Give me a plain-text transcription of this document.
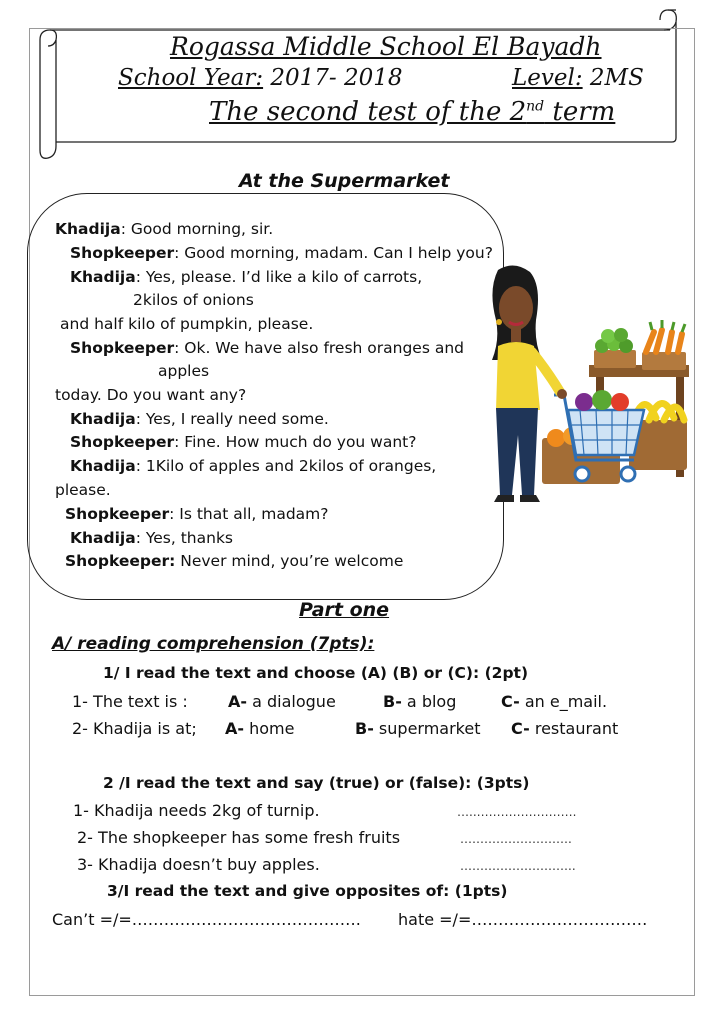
Rogassa Middle School El Bayadh
School Year: 2017- 2018	Level: 2MS
The second test of the 2nd term
At the Supermarket
Khadija: Good morning, sir.
Shopkeeper: Good morning, madam. Can I help you?
Khadija: Yes, please. I’d like a kilo of carrots,
2kilos of onions
and half kilo of pumpkin, please.
Shopkeeper: Ok. We have also fresh oranges and
apples
today. Do you want any?
Khadija: Yes, I really need some.
Shopkeeper: Fine. How much do you want?
Khadija: 1Kilo of apples and 2kilos of oranges,
please.
Shopkeeper: Is that all, madam?
Khadija: Yes, thanks
Shopkeeper: Never mind, you’re welcome
Part one
A/ reading comprehension (7pts):
1/ I read the text and choose (A) (B) or (C): (2pt)
1- The text is :	A- a dialogue	B- a blog	C- an e_mail.
2- Khadija is at; A- home	B- supermarket C- restaurant
2 /I read the text and say (true) or (false): (3pts)
1- Khadija needs 2kg of turnip.	…..…………………….
2- The shopkeeper has some fresh fruits	……………………….
3- Khadija doesn’t buy apples.	………………………..
3/I read the text and give opposites of: (1pts)
Can’t =/=……………………………………. hate =/=……………………………
